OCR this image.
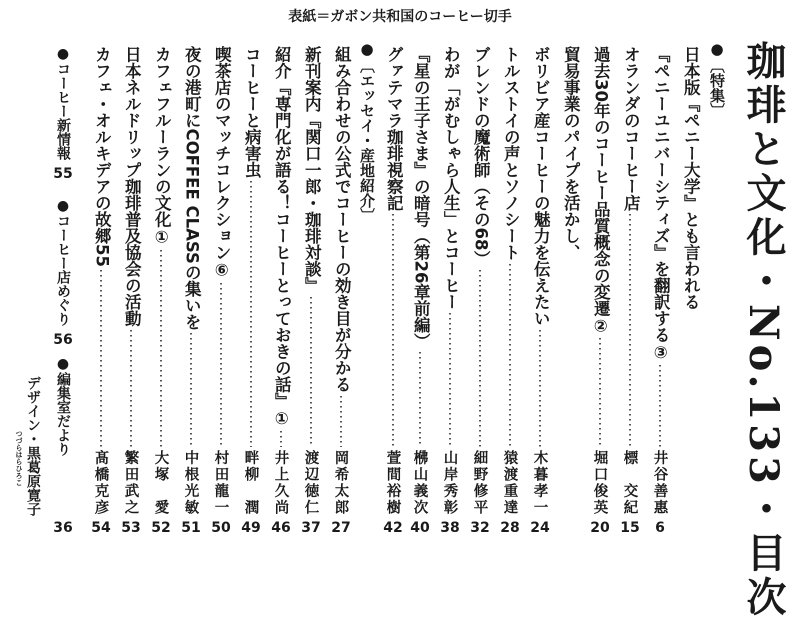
表紙＝ガボン共和国のコーヒー切手
珈琲と文化・No.133・目次
●〔特集〕
●〔エッセイ・産地紹介〕	日本版『ペニー大学』とも言われる
『ペニーユニバーシティズ』を翻訳する③
井谷善惠
6
オランダのコーヒー店
標　交紀
15
過去30年のコーヒー品質概念の変遷②
堀口俊英
20
貿易事業のパイプを活かし、
ボリビア産コーヒーの魅力を伝えたい
木暮孝一
24
トルストイの声とソノシート
猿渡重達
28
ブレンドの魔術師（その68）
細野修平
32
わが「がむしゃら人生」とコーヒー
山岸秀彰
38
『星の王子さま』の暗号（第26章前編）
梻山義次
40
グァテマラ珈琲視察記
萱間裕樹
42
組み合わせの公式でコーヒーの効き目が分かる
岡希太郎
27
新刊案内『関口一郎・珈琲対談』
渡辺徳仁
37
紹介『専門化が語る！コーヒーとっておきの話』①
井上久尚
46
コーヒーと病害虫
畔柳　潤
49
喫茶店のマッチコレクション⑥
村田龍一
50
夜の港町にCOFFEE CLASSの集いを
中根光敏
51
カフェフルーランの文化①
大塚　愛
52
日本ネルドリップ珈琲普及協会の活動
繁田武之
53
カフェ・オルキデアの故郷55
髙橋克彦
54
●コーヒー新情報
55
●コーヒー店めぐり
56
●編集室だより
36
デザイン・黒葛原寛子
つづらはらひろこ
